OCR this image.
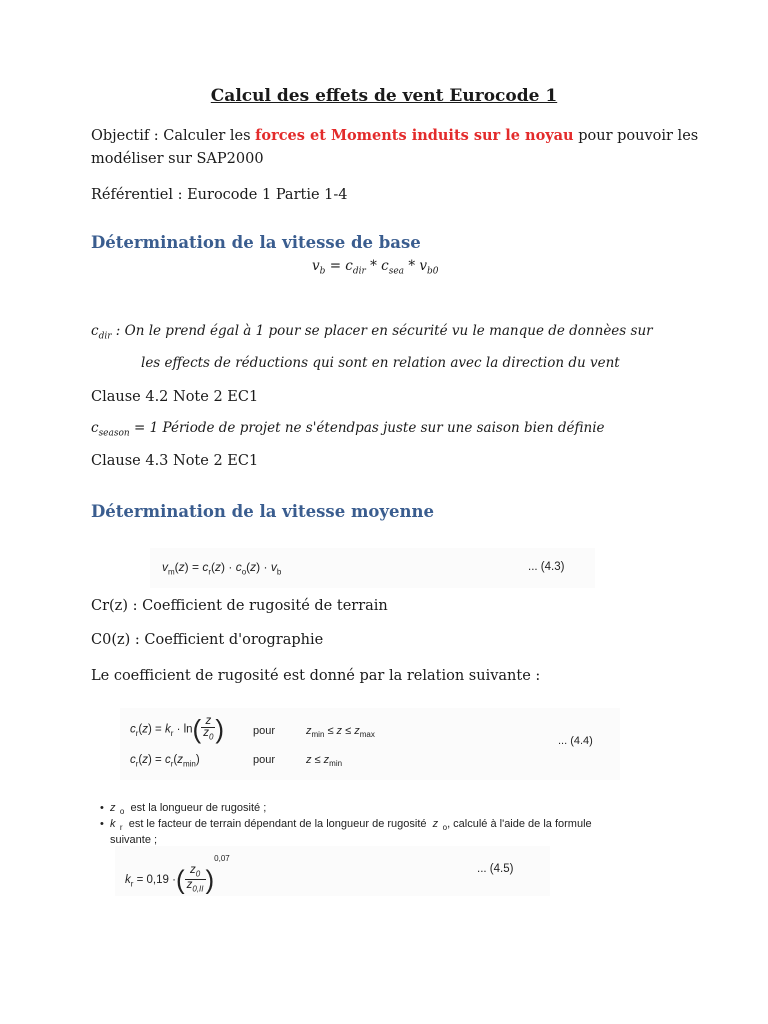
Calcul des effets de vent Eurocode 1
Objectif : Calculer les forces et Moments induits sur le noyau pour pouvoir les
modéliser sur SAP2000
Référentiel : Eurocode 1 Partie 1-4
Détermination de la vitesse de base
$v_b = c_{dir} * c_{sea} * v_{b0}$
$c_{dir}$ : On le prend égal à 1 pour se placer en sécurité vu le manque de donnèes sur
les effects de réductions qui sont en relation avec la direction du vent
Clause 4.2 Note 2 EC1
$c_{season} = 1$ Période de projet ne s'étendpas juste sur une saison bien définie
Clause 4.3 Note 2 EC1
Détermination de la vitesse moyenne
$v_m(z) = c_r(z) \cdot c_o(z) \cdot v_b$	... (4.3)
Cr(z) : Coefficient de rugosité de terrain
C0(z) : Coefficient d'orographie
Le coefficient de rugosité est donné par la relation suivante :
$c_r(z) = k_r \cdot \ln( \frac{z}{z_0}$ )	pour	$z_{min} \le z \le z_{max}$
... (4.4)
$c_r(z) = c_r(z_{min})$	pour	$z \le z_{min}$
•  z  $_o$ est la longueur de rugosité ;
•  k  $_r$ est le facteur de terrain dépendant de la longueur de rugosité z  $_o$, calculé à l'aide de la formule
suivante ;
$k_r = 0,19$ ·( $\frac{z_0}{z_{0,II}} )^{0,07}$
... (4.5)
